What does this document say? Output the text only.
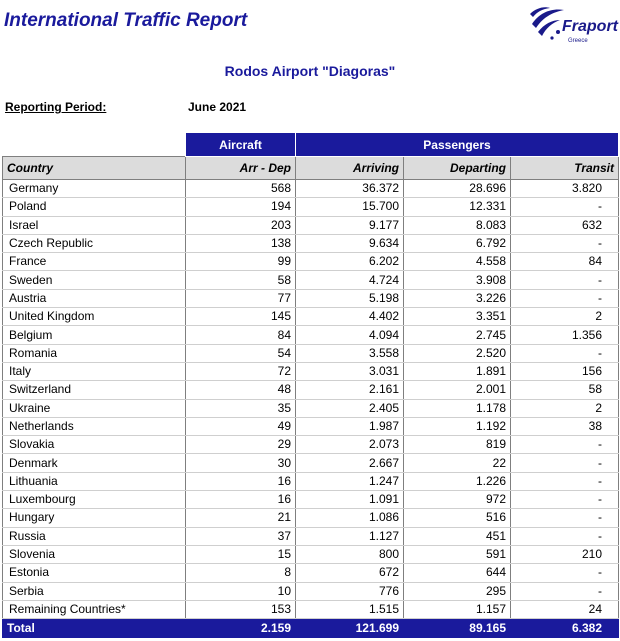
International Traffic Report	Fraport
Greece
Rodos Airport "Diagoras"
Reporting Period:	June 2021
	Aircraft	Passengers		
Country	Arr - Dep	Arriving	Departing	Transit
Germany	568	36.372	28.696	3.820
Poland	194	15.700	12.331	-
Israel	203	9.177	8.083	632
Czech Republic	138	9.634	6.792	-
France	99	6.202	4.558	84
Sweden	58	4.724	3.908	-
Austria	77	5.198	3.226	-
United Kingdom	145	4.402	3.351	2
Belgium	84	4.094	2.745	1.356
Romania	54	3.558	2.520	-
Italy	72	3.031	1.891	156
Switzerland	48	2.161	2.001	58
Ukraine	35	2.405	1.178	2
Netherlands	49	1.987	1.192	38
Slovakia	29	2.073	819	-
Denmark	30	2.667	22	-
Lithuania	16	1.247	1.226	-
Luxembourg	16	1.091	972	-
Hungary	21	1.086	516	-
Russia	37	1.127	451	-
Slovenia	15	800	591	210
Estonia	8	672	644	-
Serbia	10	776	295	-
Remaining Countries*	153	1.515	1.157	24
Total	2.159	121.699	89.165	6.382
